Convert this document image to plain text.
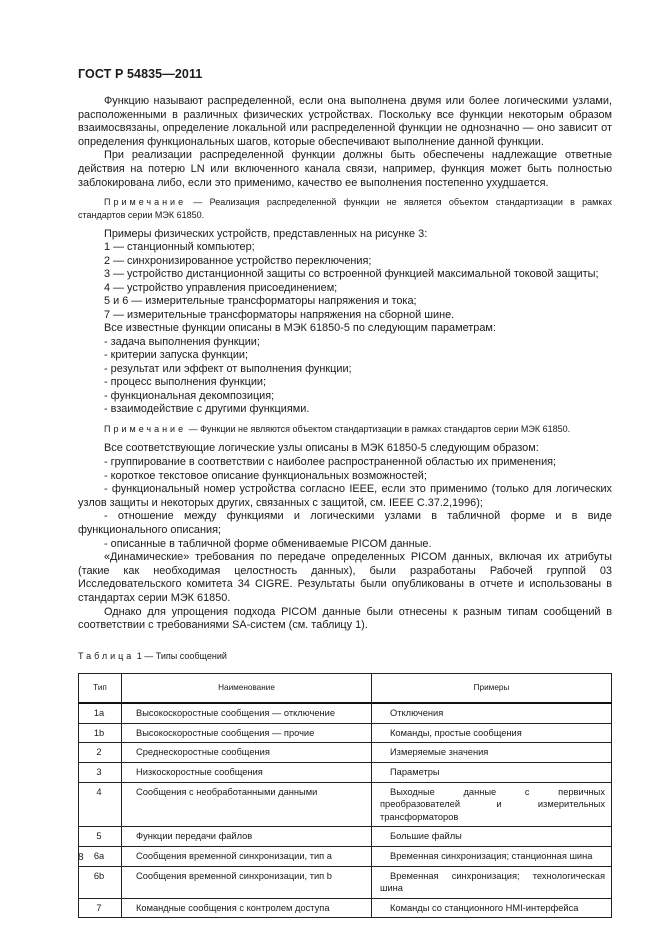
ГОСТ Р 54835—2011

Функцию называют распределенной, если она выполнена двумя или более логическими узлами, расположенными в различных физических устройствах. Поскольку все функции некоторым образом взаимосвязаны, определение локальной или распределенной функции не однозначно — оно зависит от определения функциональных шагов, которые обеспечивают выполнение данной функции.

При реализации распределенной функции должны быть обеспечены надлежащие ответные действия на потерю LN или включенного канала связи, например, функция может быть полностью заблокирована либо, если это применимо, качество ее выполнения постепенно ухудшается.

Примечание — Реализация распределенной функции не является объектом стандартизации в рамках стандартов серии МЭК 61850.

Примеры физических устройств, представленных на рисунке 3:
1 — станционный компьютер;
2 — синхронизированное устройство переключения;
3 — устройство дистанционной защиты со встроенной функцией максимальной токовой защиты;
4 — устройство управления присоединением;
5 и 6 — измерительные трансформаторы напряжения и тока;
7 — измерительные трансформаторы напряжения на сборной шине.
Все известные функции описаны в МЭК 61850-5 по следующим параметрам:
- задача выполнения функции;
- критерии запуска функции;
- результат или эффект от выполнения функции;
- процесс выполнения функции;
- функциональная декомпозиция;
- взаимодействие с другими функциями.

Примечание — Функции не являются объектом стандартизации в рамках стандартов серии МЭК 61850.

Все соответствующие логические узлы описаны в МЭК 61850-5 следующим образом:

- группирование в соответствии с наиболее распространенной областью их применения;

- короткое текстовое описание функциональных возможностей;

- функциональный номер устройства согласно IEEE, если это применимо (только для логических узлов защиты и некоторых других, связанных с защитой, см. IEEE C.37.2,1996);

- отношение между функциями и логическими узлами в табличной форме и в виде функционального описания;

- описанные в табличной форме обмениваемые PICOM данные.

«Динамические» требования по передаче определенных PICOM данных, включая их атрибуты (такие как необходимая целостность данных), были разработаны Рабочей группой 03 Исследовательского комитета 34 CIGRE. Результаты были опубликованы в отчете и использованы в стандартах серии МЭК 61850.

Однако для упрощения подхода PICOM данные были отнесены к разным типам сообщений в соответствии с требованиями SA-систем (см. таблицу 1).

Таблица 1 — Типы сообщений
Тип	Наименование	Примеры
1a	Высокоскоростные сообщения — отключение	Отключения
1b	Высокоскоростные сообщения — прочие	Команды, простые сообщения
2	Среднескоростные сообщения	Измеряемые значения
3	Низкоскоростные сообщения	Параметры
4	Сообщения с необработанными данными	Выходные данные с первичных преобразователей и измерительных трансформаторов
5	Функции передачи файлов	Большие файлы
6a	Сообщения временной синхронизации, тип a	Временная синхронизация; станционная шина
6b	Сообщения временной синхронизации, тип b	Временная синхронизация; технологическая шина
7	Командные сообщения с контролем доступа	Команды со станционного HMI-интерфейса
8
